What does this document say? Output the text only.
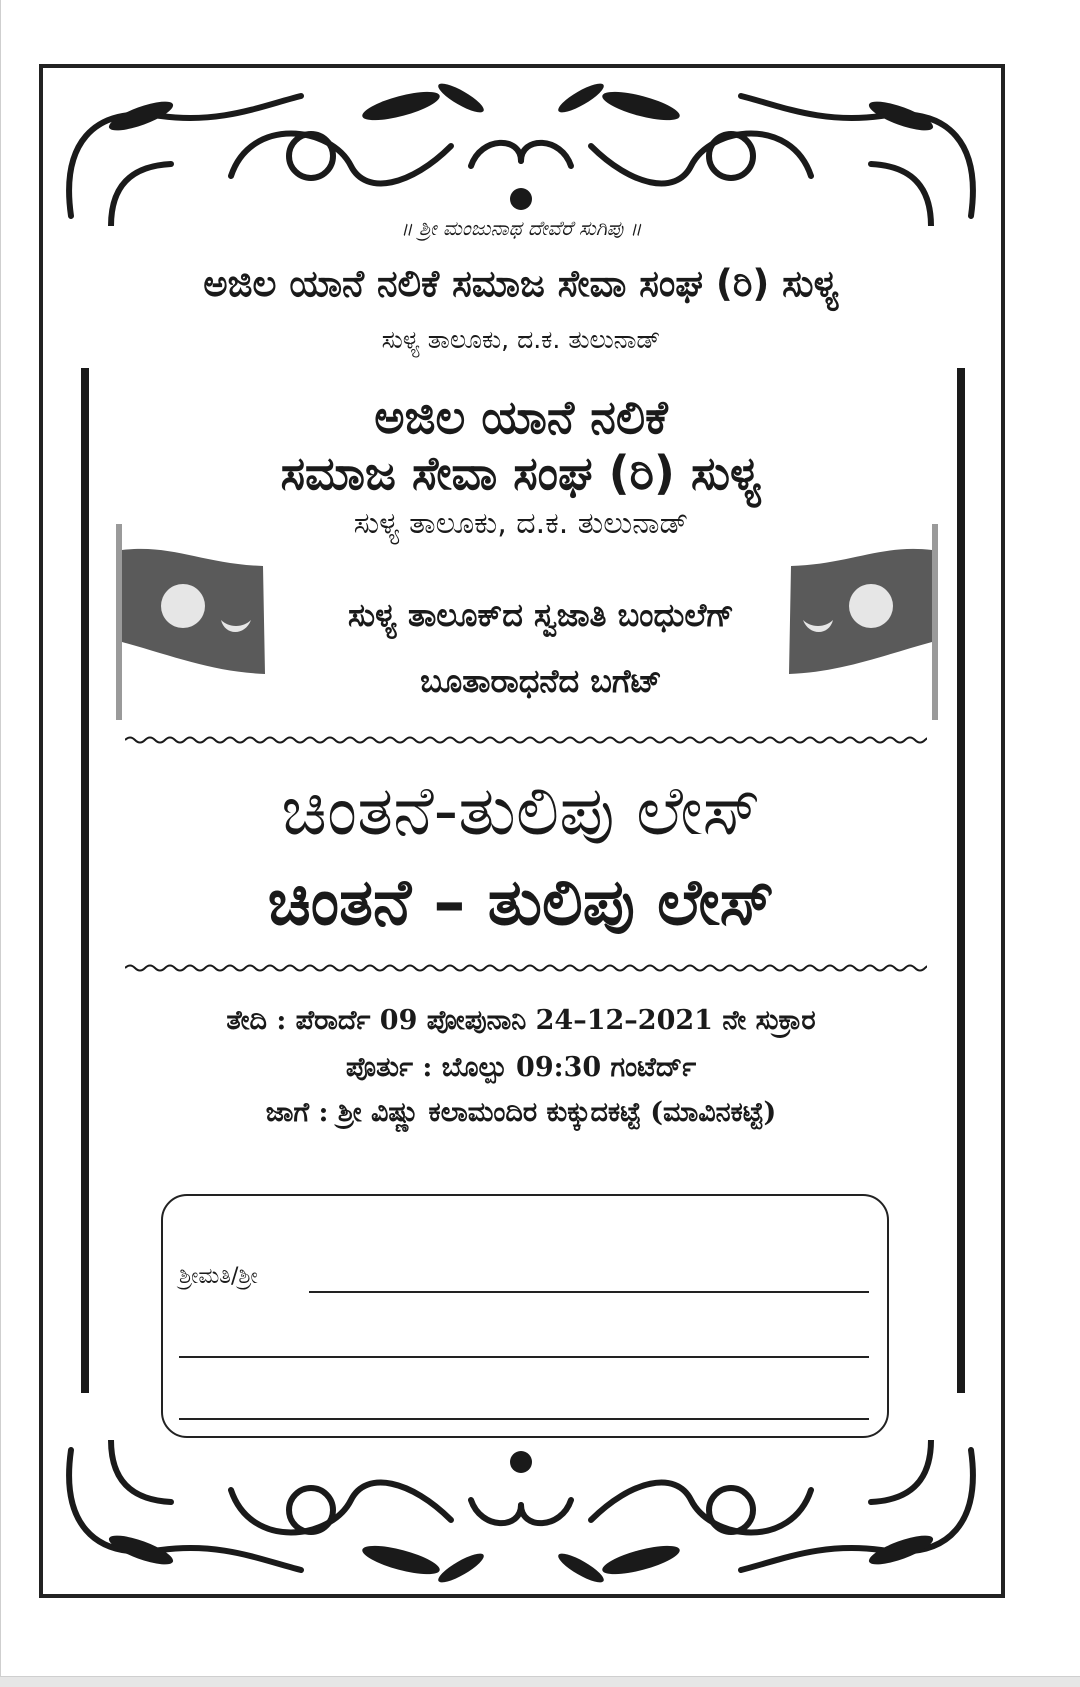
॥ ಶ್ರೀ ಮಂಜುನಾಥ ದೇವೆರೆ ಸುಗಿಪು ॥
ಅಜಿಲ ಯಾನೆ ನಲಿಕೆ ಸಮಾಜ ಸೇವಾ ಸಂಘ (ರಿ) ಸುಳ್ಯ
ಸುಳ್ಯ ತಾಲೂಕು, ದ.ಕ. ತುಲುನಾಡ್
ಅಜಿಲ ಯಾನೆ ನಲಿಕೆ
ಸಮಾಜ ಸೇವಾ ಸಂಘ (ರಿ) ಸುಳ್ಯ
ಸುಳ್ಯ ತಾಲೂಕು, ದ.ಕ. ತುಲುನಾಡ್
ಸುಳ್ಯ ತಾಲೂಕ್‌ದ ಸ್ವಜಾತಿ ಬಂಧುಲೆಗ್
ಬೂತಾರಾಧನೆದ ಬಗೆಟ್
ಚಿಂತನೆ-ತುಲಿಪು ಲೇಸ್
ಚಿಂತನೆ – ತುಲಿಪು ಲೇಸ್
ತೇದಿ : ಪೆರಾರ್ದೆ 09 ಪೋಪುನಾನಿ 24–12–2021 ನೇ ಸುಕ್ರಾರ
ಪೊರ್ತು : ಬೊಲ್ಪು 09:30 ಗಂಟೆರ್ದ್
ಜಾಗೆ : ಶ್ರೀ ವಿಷ್ಣು ಕಲಾಮಂದಿರ ಕುಕ್ಕುದಕಟ್ಟೆ (ಮಾವಿನಕಟ್ಟೆ)
ಶ್ರೀಮತಿ/ಶ್ರೀ
